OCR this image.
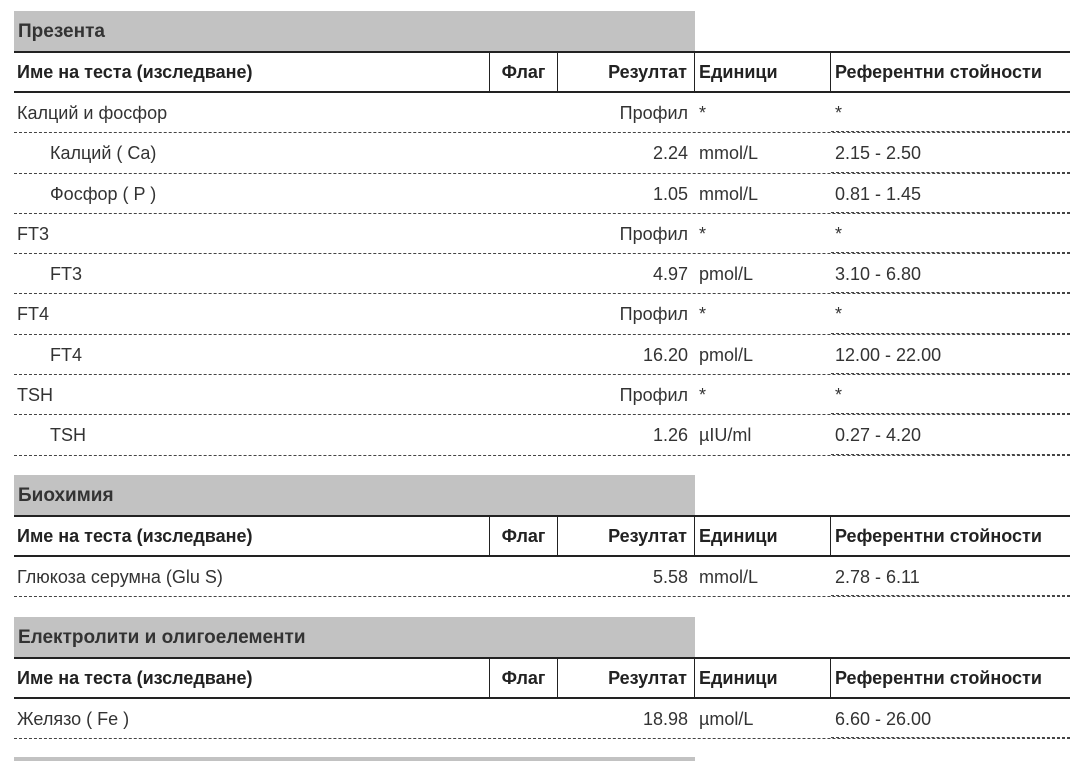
Презента
Име на теста (изследване)	Флаг	Резултат Единици	Референтни стойности
Калций и фосфор	Профил *	*
Калций ( Ca)	2.24 mmol/L	2.15 - 2.50
Фосфор ( P )	1.05 mmol/L	0.81 - 1.45
FT3	Профил *	*
FT3	4.97 pmol/L	3.10 - 6.80
FT4	Профил *	*
FT4	16.20 pmol/L	12.00 - 22.00
TSH	Профил *	*
TSH	1.26 µIU/ml	0.27 - 4.20
Биохимия
Име на теста (изследване)	Флаг	Резултат Единици	Референтни стойности
Глюкоза серумна (Glu S)	5.58 mmol/L	2.78 - 6.11
Електролити и олигоелементи
Име на теста (изследване)	Флаг	Резултат Единици	Референтни стойности
Желязо ( Fe )	18.98 µmol/L	6.60 - 26.00
